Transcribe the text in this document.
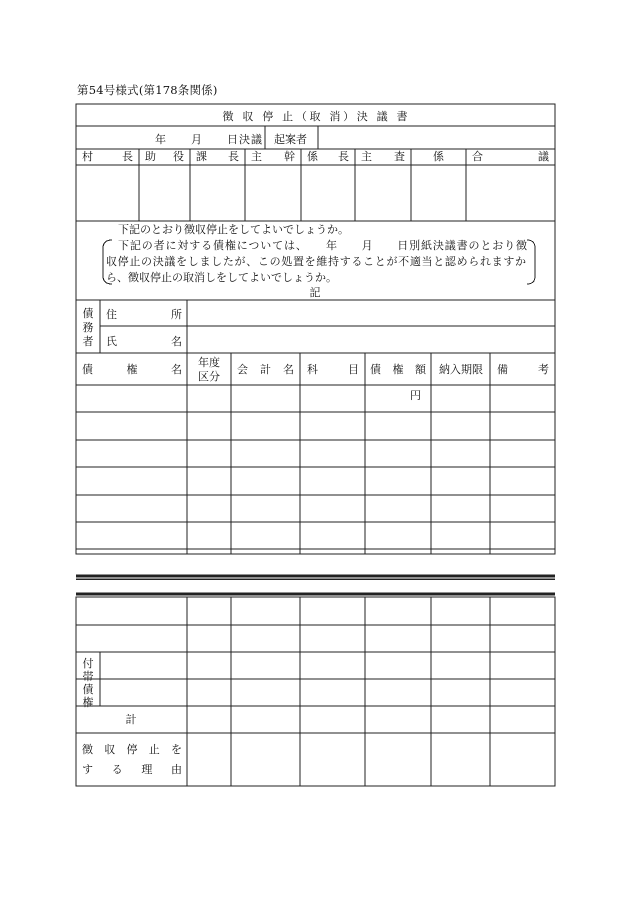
第54号様式(第178条関係)
徴 収 停 止（取 消）決 議 書
年　　月　　日決議 起案者
村　長 助　役 課　長 主　幹 係　長 主　査	係	合　議
下記のとおり徴収停止をしてよいでしょうか。
下記の者に対する債権については、　　年　　月　　日別紙決議書のとおり徴
収停止の決議をしましたが、この処置を維持することが不適当と認められますか
ら、徴収停止の取消しをしてよいでしょうか。
記
債
務
者
住　　所
氏　　名
債　権　名
年度
区分
会 計 名 科　　目 債 権 額 納入期限 備　考
円
付
帯
債
権
計
徴収停止を
する理由
